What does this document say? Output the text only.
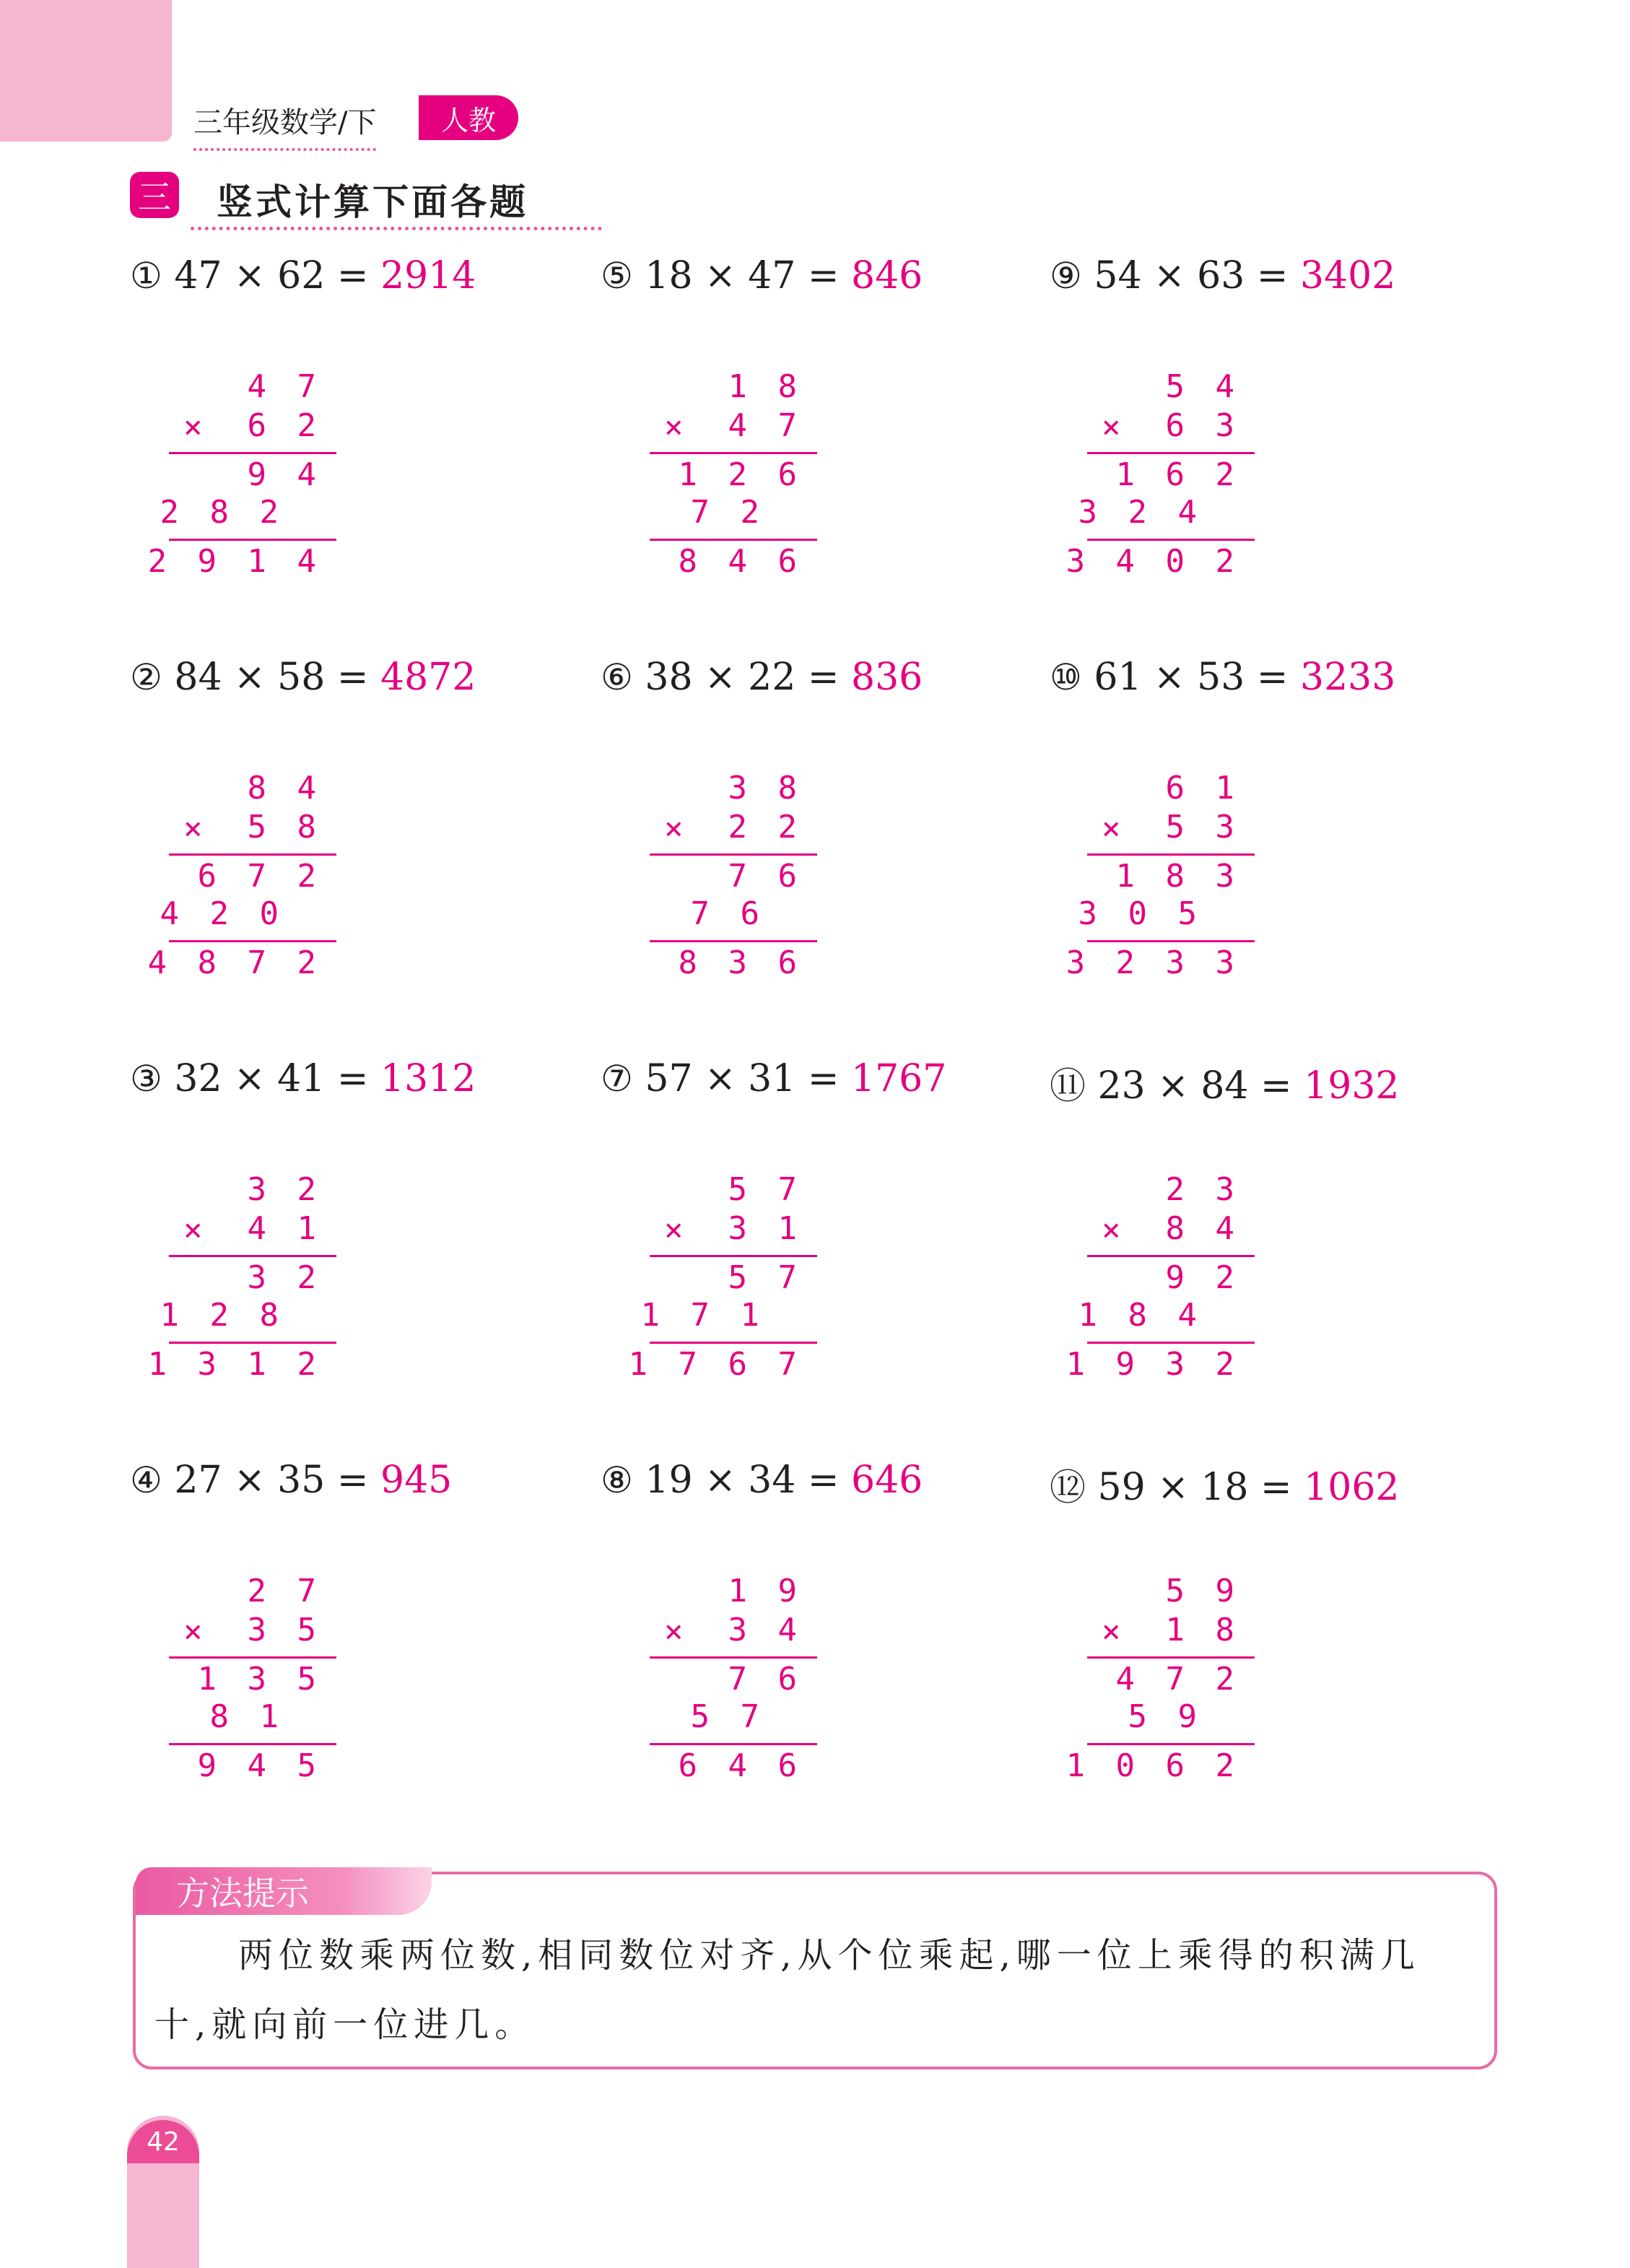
三年级数学/下	人教
三 竖式计算下面各题
① 47 × 62 = 2914
4 7
× 6 2
9 4
2 8 2
2 9 1 4
② 84 × 58 = 4872
8 4
× 5 8
6 7 2
4 2 0
4 8 7 2
③ 32 × 41 = 1312
3 2
× 4 1
3 2
1 2 8
1 3 1 2
④ 27 × 35 = 945
2 7
× 3 5
1 3 5
8 1
9 4 5
⑤ 18 × 47 = 846
1 8
× 4 7
1 2 6
7 2
8 4 6
⑥ 38 × 22 = 836
3 8
× 2 2
7 6
7 6
8 3 6
⑦ 57 × 31 = 1767
5 7
× 3 1
5 7
1 7 1
1 7 6 7
⑧ 19 × 34 = 646
1 9
× 3 4
7 6
5 7
6 4 6
⑨ 54 × 63 = 3402
5 4
× 6 3
1 6 2
3 2 4
3 4 0 2
⑩ 61 × 53 = 3233
6 1
× 5 3
1 8 3
3 0 5
3 2 3 3
⑪ 23 × 84 = 1932
2 3
× 8 4
9 2
1 8 4
1 9 3 2
⑫ 59 × 18 = 1062
5 9
× 1 8
4 7 2
5 9
1 0 6 2
方法提示
两位数乘两位数,相同数位对齐,从个位乘起,哪一位上乘得的积满几十,就向前一位进几。
42
